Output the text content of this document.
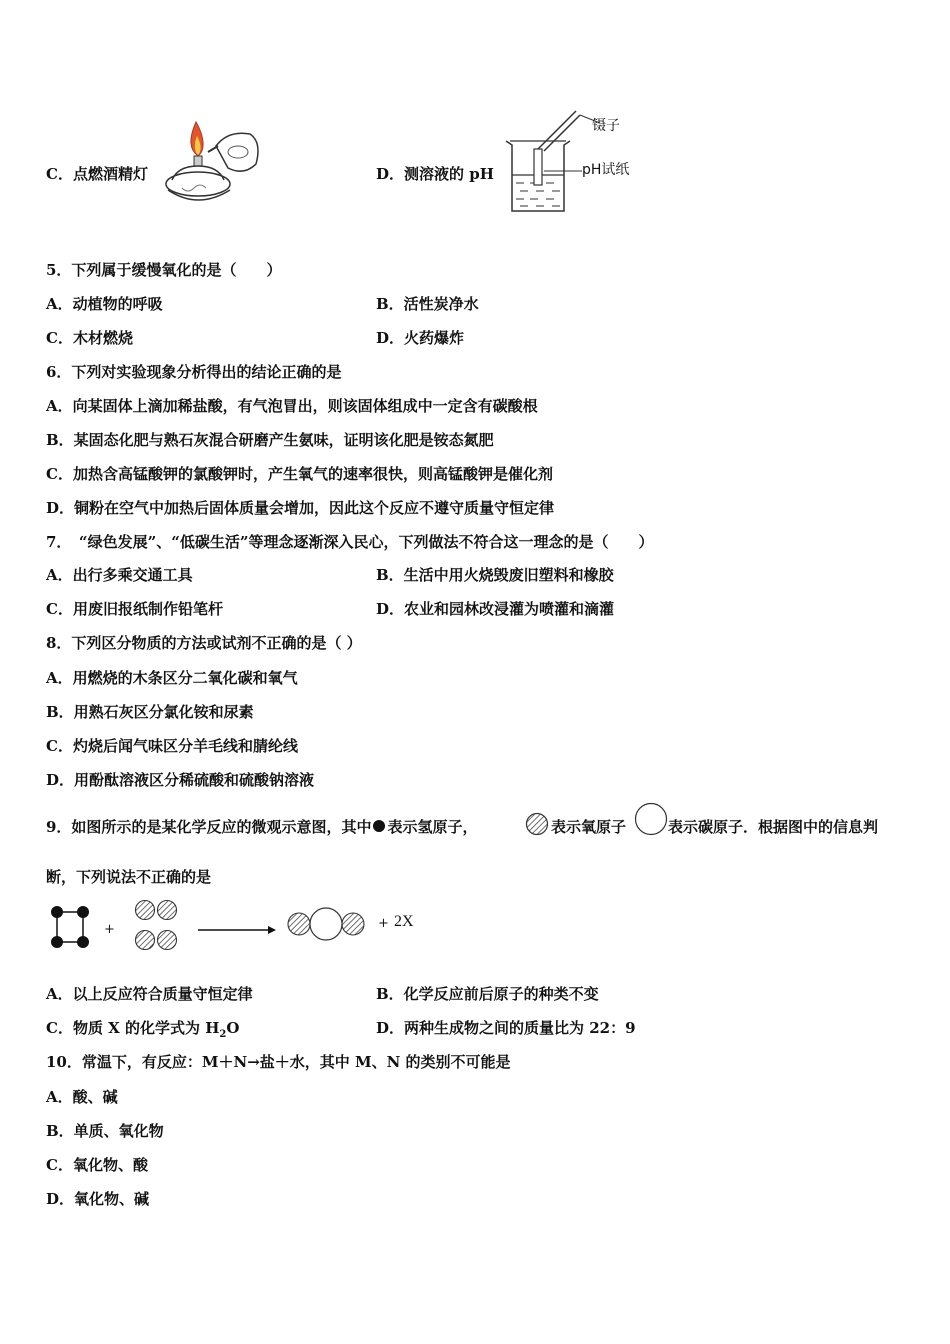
C．点燃酒精灯	D．测溶液的 pH
镊子
pH试纸
5．下列属于缓慢氧化的是（　　）
A．动植物的呼吸	B．活性炭净水
C．木材燃烧	D．火药爆炸
6．下列对实验现象分析得出的结论正确的是
A．向某固体上滴加稀盐酸，有气泡冒出，则该固体组成中一定含有碳酸根
B．某固态化肥与熟石灰混合研磨产生氨味，证明该化肥是铵态氮肥
C．加热含高锰酸钾的氯酸钾时，产生氧气的速率很快，则高锰酸钾是催化剂
D．铜粉在空气中加热后固体质量会增加，因此这个反应不遵守质量守恒定律
7．　“绿色发展”、“低碳生活”等理念逐渐深入民心，下列做法不符合这一理念的是（　　）
A．出行多乘交通工具	B．生活中用火烧毁废旧塑料和橡胶
C．用废旧报纸制作铅笔杆	D．农业和园林改浸灌为喷灌和滴灌
8．下列区分物质的方法或试剂不正确的是（ ）
A．用燃烧的木条区分二氧化碳和氧气
B．用熟石灰区分氯化铵和尿素
C．灼烧后闻气味区分羊毛线和腈纶线
D．用酚酞溶液区分稀硫酸和硫酸钠溶液
9．如图所示的是某化学反应的微观示意图，其中 表示氢原子，	表示氧原子	表示碳原子．根据图中的信息判
断，下列说法不正确的是
+	+ 2X
A．以上反应符合质量守恒定律	B．化学反应前后原子的种类不变
C．物质 X 的化学式为 $H_2O$	D．两种生成物之间的质量比为 22：9
10．常温下，有反应：M＋N→盐＋水，其中 M、N 的类别不可能是
A．酸、碱
B．单质、氧化物
C．氧化物、酸
D．氧化物、碱
